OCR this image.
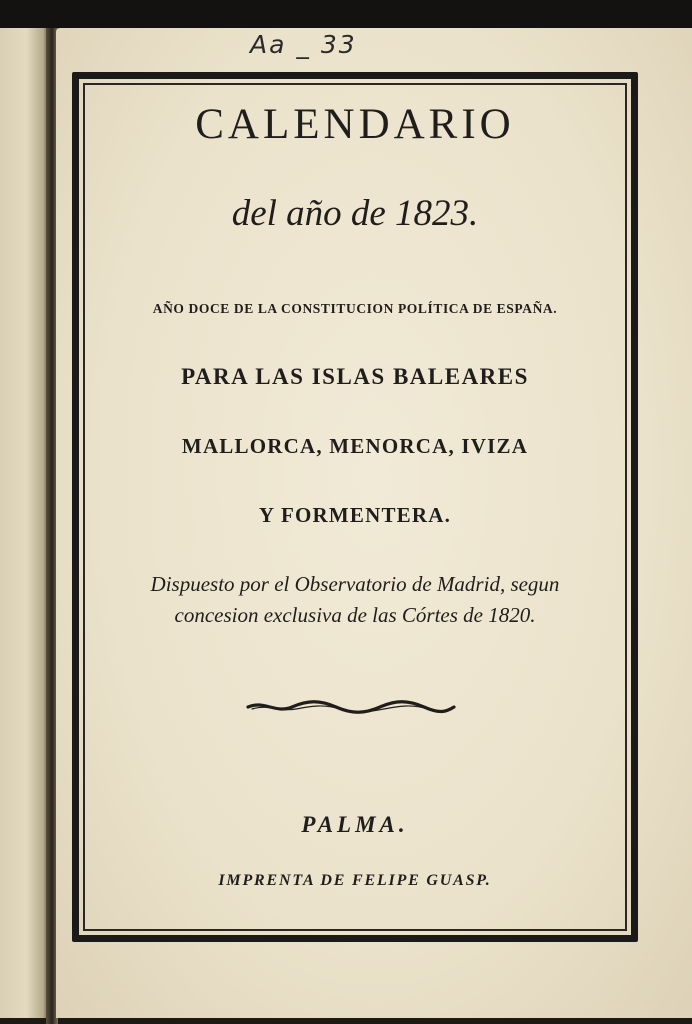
Aa _ 33
CALENDARIO
del año de 1823.
AÑO DOCE DE LA CONSTITUCION POLÍTICA DE ESPAÑA.
PARA LAS ISLAS BALEARES
MALLORCA, MENORCA, IVIZA
Y FORMENTERA.
Dispuesto por el Observatorio de Madrid, segun
concesion exclusiva de las Córtes de 1820.
PALMA.
IMPRENTA DE FELIPE GUASP.
